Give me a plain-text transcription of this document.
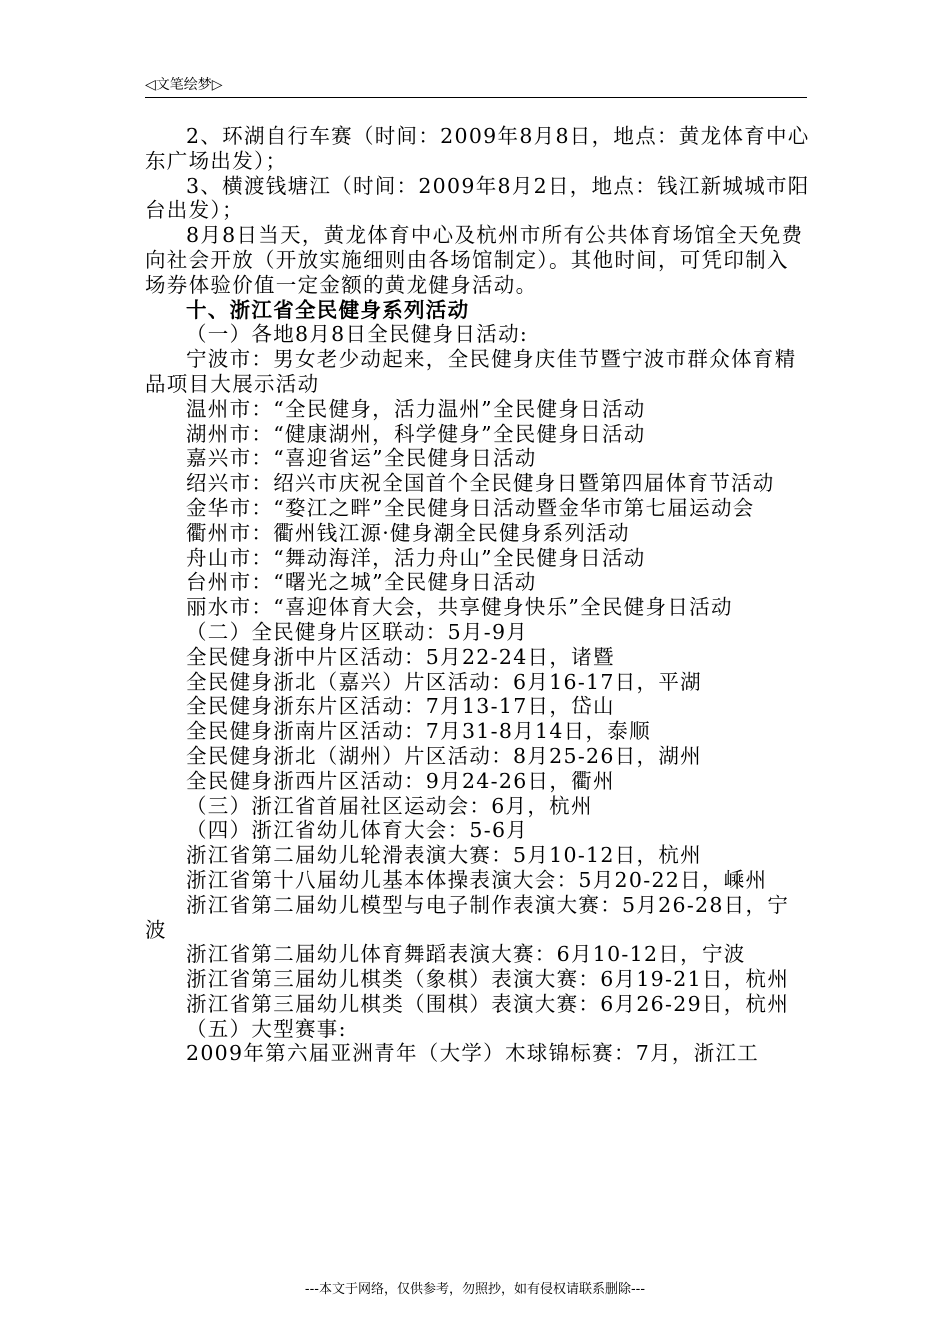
◁文笔绘梦▷

2、环湖自行车赛（时间：2009年8月8日，地点：黄龙体育中心东广场出发）；

3、横渡钱塘江（时间：2009年8月2日，地点：钱江新城城市阳台出发）；

8月8日当天，黄龙体育中心及杭州市所有公共体育场馆全天免费向社会开放（开放实施细则由各场馆制定）。其他时间，可凭印制入场券体验价值一定金额的黄龙健身活动。

十、浙江省全民健身系列活动

（一）各地8月8日全民健身日活动:

宁波市：男女老少动起来，全民健身庆佳节暨宁波市群众体育精品项目大展示活动

温州市：“全民健身，活力温州”全民健身日活动

湖州市：“健康湖州，科学健身”全民健身日活动

嘉兴市：“喜迎省运”全民健身日活动

绍兴市：绍兴市庆祝全国首个全民健身日暨第四届体育节活动

金华市：“婺江之畔”全民健身日活动暨金华市第七届运动会

衢州市：衢州钱江源·健身潮全民健身系列活动

舟山市：“舞动海洋，活力舟山”全民健身日活动

台州市：“曙光之城”全民健身日活动

丽水市：“喜迎体育大会，共享健身快乐”全民健身日活动

（二）全民健身片区联动：5月-9月

全民健身浙中片区活动：5月22-24日，诸暨

全民健身浙北（嘉兴）片区活动：6月16-17日，平湖

全民健身浙东片区活动：7月13-17日，岱山

全民健身浙南片区活动：7月31-8月14日，泰顺

全民健身浙北（湖州）片区活动：8月25-26日，湖州

全民健身浙西片区活动：9月24-26日，衢州

（三）浙江省首届社区运动会：6月，杭州

（四）浙江省幼儿体育大会：5-6月

浙江省第二届幼儿轮滑表演大赛：5月10-12日，杭州

浙江省第十八届幼儿基本体操表演大会：5月20-22日，嵊州

浙江省第二届幼儿模型与电子制作表演大赛：5月26-28日，宁波

浙江省第二届幼儿体育舞蹈表演大赛：6月10-12日，宁波

浙江省第三届幼儿棋类（象棋）表演大赛：6月19-21日，杭州

浙江省第三届幼儿棋类（围棋）表演大赛：6月26-29日，杭州

（五）大型赛事:

2009年第六届亚洲青年（大学）木球锦标赛：7月，浙江工

---本文于网络，仅供参考，勿照抄，如有侵权请联系删除---
